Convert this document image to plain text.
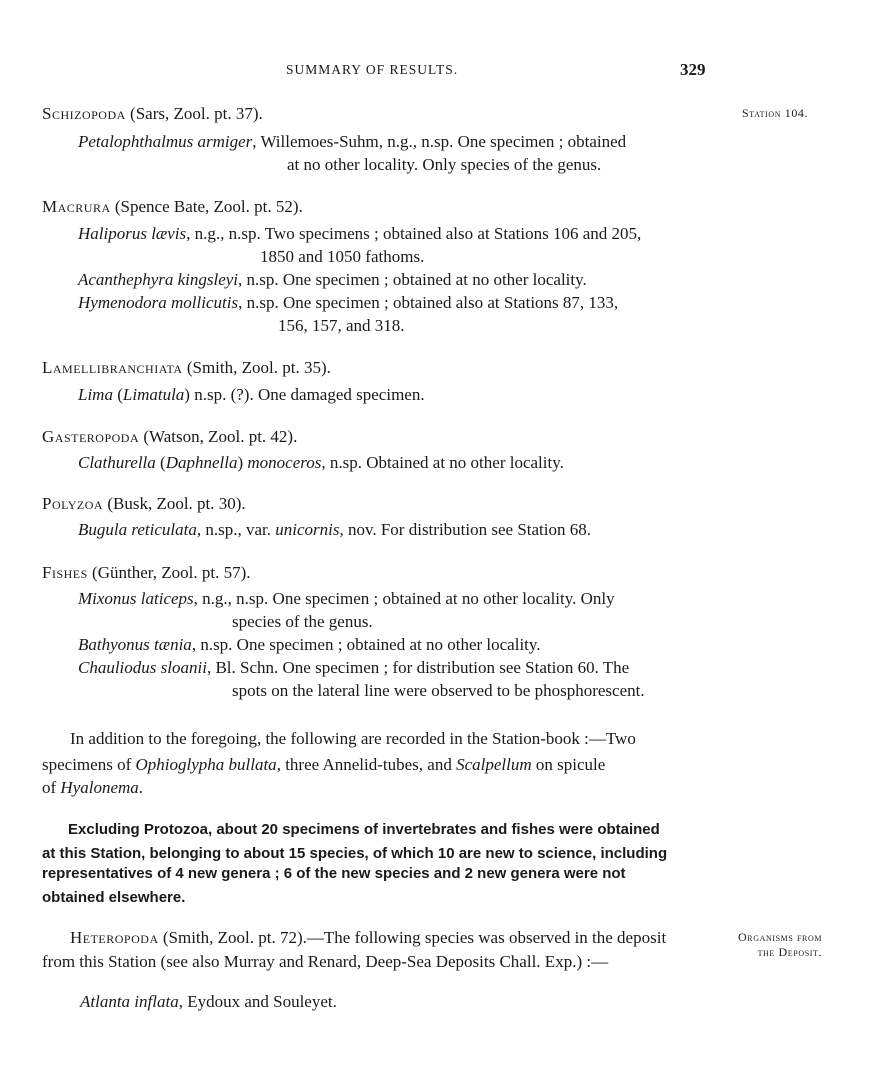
SUMMARY OF RESULTS.	329
Station 104.
Organisms from
the Deposit.
Schizopoda (Sars, Zool. pt. 37).
Petalophthalmus armiger, Willemoes-Suhm, n.g., n.sp. One specimen ; obtained
at no other locality. Only species of the genus.
Macrura (Spence Bate, Zool. pt. 52).
Haliporus lævis, n.g., n.sp. Two specimens ; obtained also at Stations 106 and 205,
1850 and 1050 fathoms.
Acanthephyra kingsleyi, n.sp. One specimen ; obtained at no other locality.
Hymenodora mollicutis, n.sp. One specimen ; obtained also at Stations 87, 133,
156, 157, and 318.
Lamellibranchiata (Smith, Zool. pt. 35).
Lima (Limatula) n.sp. (?). One damaged specimen.
Gasteropoda (Watson, Zool. pt. 42).
Clathurella (Daphnella) monoceros, n.sp. Obtained at no other locality.
Polyzoa (Busk, Zool. pt. 30).
Bugula reticulata, n.sp., var. unicornis, nov. For distribution see Station 68.
Fishes (Günther, Zool. pt. 57).
Mixonus laticeps, n.g., n.sp. One specimen ; obtained at no other locality. Only
species of the genus.
Bathyonus tænia, n.sp. One specimen ; obtained at no other locality.
Chauliodus sloanii, Bl. Schn. One specimen ; for distribution see Station 60. The
spots on the lateral line were observed to be phosphorescent.
In addition to the foregoing, the following are recorded in the Station-book :—Two
specimens of Ophioglypha bullata, three Annelid-tubes, and Scalpellum on spicule
of Hyalonema.
Excluding Protozoa, about 20 specimens of invertebrates and fishes were obtained
at this Station, belonging to about 15 species, of which 10 are new to science, including
representatives of 4 new genera ; 6 of the new species and 2 new genera were not
obtained elsewhere.
Heteropoda (Smith, Zool. pt. 72).—The following species was observed in the deposit
from this Station (see also Murray and Renard, Deep-Sea Deposits Chall. Exp.) :—
Atlanta inflata, Eydoux and Souleyet.
